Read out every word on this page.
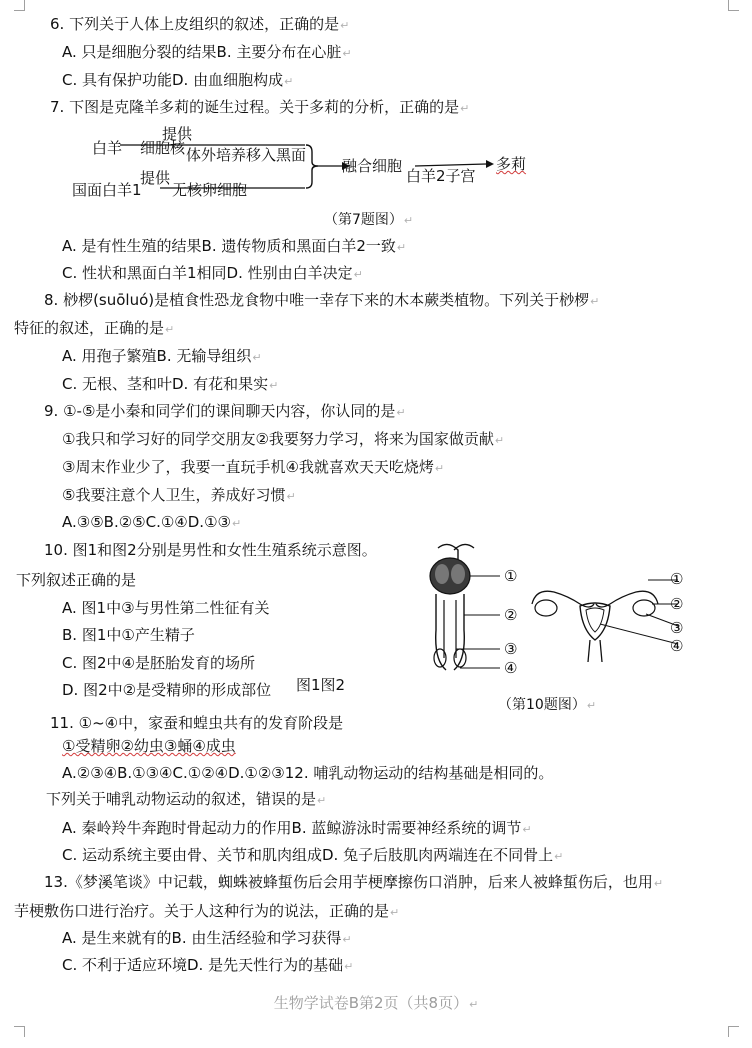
6. 下列关于人体上皮组织的叙述，正确的是↵
A. 只是细胞分裂的结果B. 主要分布在心脏↵
C. 具有保护功能D. 由血细胞构成↵
7. 下图是克隆羊多莉的诞生过程。关于多莉的分析，正确的是↵
白羊 细胞核
提供
体外培养移入黑面
国面白羊1
提供
无核卵细胞
融合细胞
白羊2子宫
多莉
（第7题图）↵
A. 是有性生殖的结果B. 遗传物质和黑面白羊2一致↵
C. 性状和黑面白羊1相同D. 性别由白羊决定↵
8. 桫椤(suōluó)是植食性恐龙食物中唯一幸存下来的木本蕨类植物。下列关于桫椤↵
特征的叙述，正确的是↵
A. 用孢子繁殖B. 无输导组织↵
C. 无根、茎和叶D. 有花和果实↵
9. ①-⑤是小秦和同学们的课间聊天内容，你认同的是↵
①我只和学习好的同学交朋友②我要努力学习，将来为国家做贡献↵
③周末作业少了，我要一直玩手机④我就喜欢天天吃烧烤↵
⑤我要注意个人卫生，养成好习惯↵
A.③⑤B.②⑤C.①④D.①③↵
10. 图1和图2分别是男性和女性生殖系统示意图。
下列叙述正确的是
A. 图1中③与男性第二性征有关
B. 图1中①产生精子
C. 图2中④是胚胎发育的场所
D. 图2中②是受精卵的形成部位 图1图2
①
②
③
④
①
②
③
④
（第10题图）↵
11. ①~④中，家蚕和蝗虫共有的发育阶段是
①受精卵②幼虫③蛹④成虫
A.②③④B.①③④C.①②④D.①②③12. 哺乳动物运动的结构基础是相同的。
下列关于哺乳动物运动的叙述，错误的是↵
A. 秦岭羚牛奔跑时骨起动力的作用B. 蓝鲸游泳时需要神经系统的调节↵
C. 运动系统主要由骨、关节和肌肉组成D. 兔子后肢肌肉两端连在不同骨上↵
13.《梦溪笔谈》中记载，蜘蛛被蜂蜇伤后会用芋梗摩擦伤口消肿，后来人被蜂蜇伤后，也用↵
芋梗敷伤口进行治疗。关于人这种行为的说法，正确的是↵
A. 是生来就有的B. 由生活经验和学习获得↵
C. 不利于适应环境D. 是先天性行为的基础↵
生物学试卷B第2页（共8页）↵
